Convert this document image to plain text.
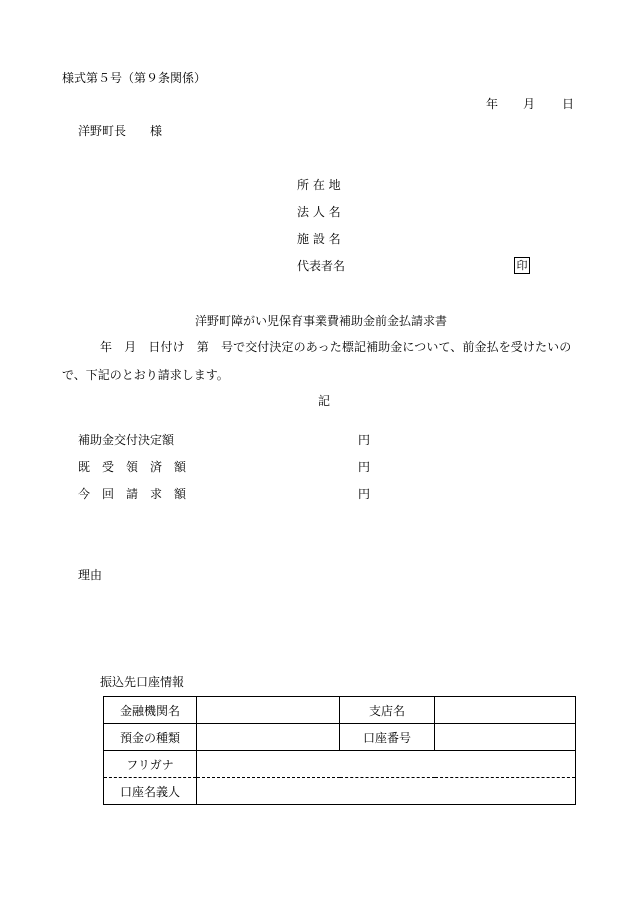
様式第５号（第９条関係）
年 月 日
洋野町長　　様
所 在 地
法 人 名
施 設 名
代表者名	印
洋野町障がい児保育事業費補助金前金払請求書
年　月　日付け　第　号で交付決定のあった標記補助金について、前金払を受けたいの
で、下記のとおり請求します。
記
補助金交付決定額	円
既　受　領　済　額	円
今　回　請　求　額	円
理由
振込先口座情報
金融機関名		支店名	
預金の種類		口座番号	
フリガナ			
口座名義人			
